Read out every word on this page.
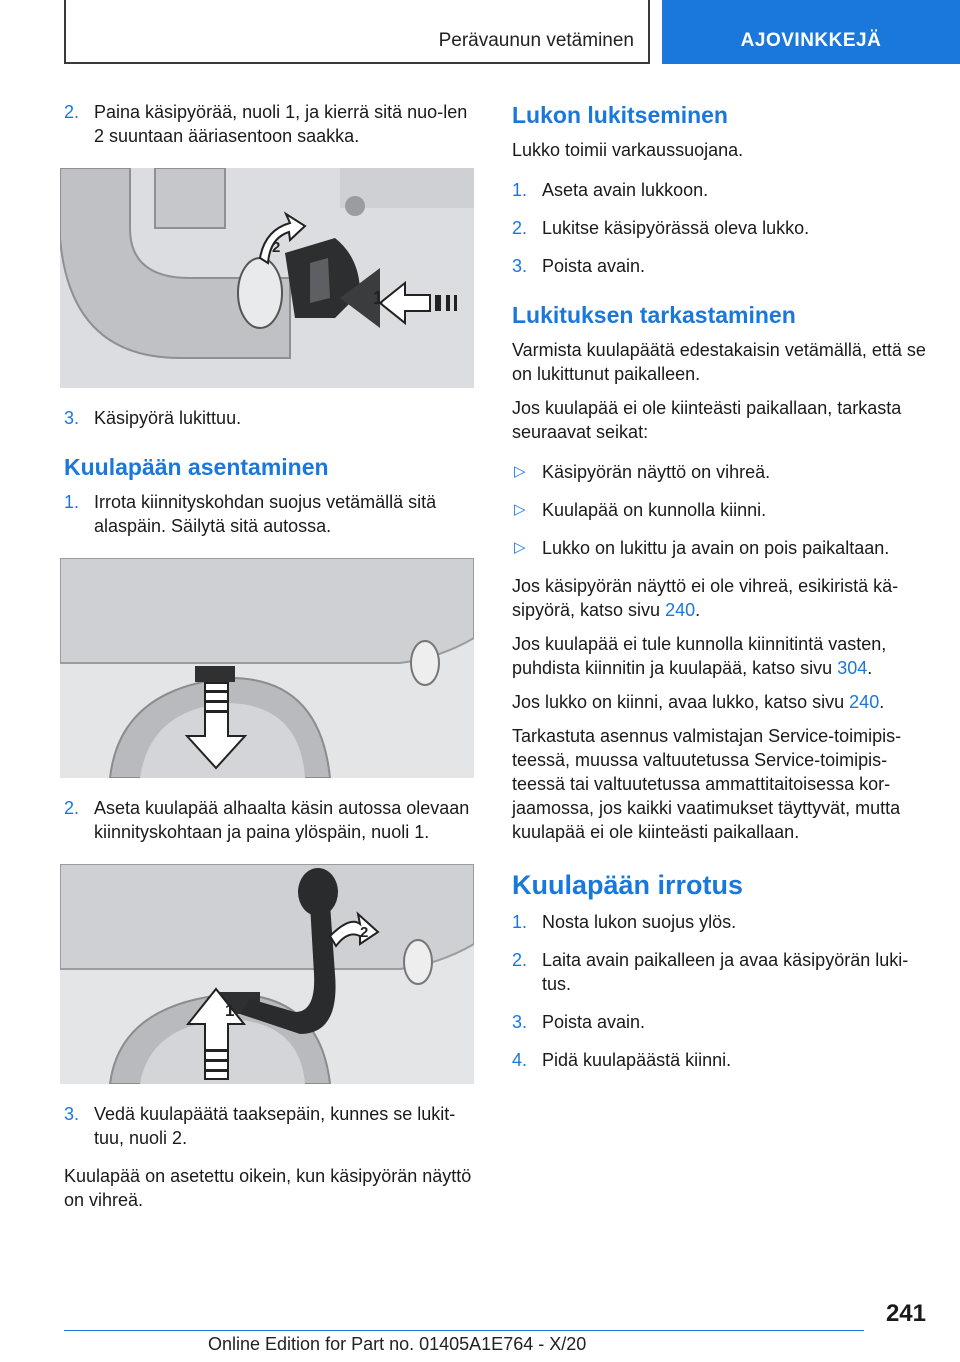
Perävaunun vetäminen	AJOVINKKEJÄ
2. Paina käsipyörää, nuoli 1, ja kierrä sitä nuo-len 2 suuntaan ääriasentoon saakka.
2
1
3. Käsipyörä lukittuu.
Kuulapään asentaminen
1. Irrota kiinnityskohdan suojus vetämällä sitä alaspäin. Säilytä sitä autossa.
2. Aseta kuulapää alhaalta käsin autossa olevaan kiinnityskohtaan ja paina ylöspäin, nuoli 1.
2
1
3. Vedä kuulapäätä taaksepäin, kunnes se lukit-tuu, nuoli 2.

Kuulapää on asetettu oikein, kun käsipyörän näyttö on vihreä.

Lukon lukitseminen

Lukko toimii varkaussuojana.

1. Aseta avain lukkoon.
2. Lukitse käsipyörässä oleva lukko.
3. Poista avain.
Lukituksen tarkastaminen

Varmista kuulapäätä edestakaisin vetämällä, että se on lukittunut paikalleen.

Jos kuulapää ei ole kiinteästi paikallaan, tarkasta seuraavat seikat:

▷ Käsipyörän näyttö on vihreä.
▷ Kuulapää on kunnolla kiinni.
▷ Lukko on lukittu ja avain on pois paikaltaan.

Jos käsipyörän näyttö ei ole vihreä, esikiristä kä-sipyörä, katso sivu 240.

Jos kuulapää ei tule kunnolla kiinnitintä vasten, puhdista kiinnitin ja kuulapää, katso sivu 304.

Jos lukko on kiinni, avaa lukko, katso sivu 240.

Tarkastuta asennus valmistajan Service-toimipis-teessä, muussa valtuutetussa Service-toimipis-teessä tai valtuutetussa ammattitaitoisessa kor-jaamossa, jos kaikki vaatimukset täyttyvät, mutta kuulapää ei ole kiinteästi paikallaan.

Kuulapään irrotus
1. Nosta lukon suojus ylös.
2. Laita avain paikalleen ja avaa käsipyörän luki-tus.
3. Poista avain.
4. Pidä kuulapäästä kiinni.
241
Online Edition for Part no. 01405A1E764 - X/20
